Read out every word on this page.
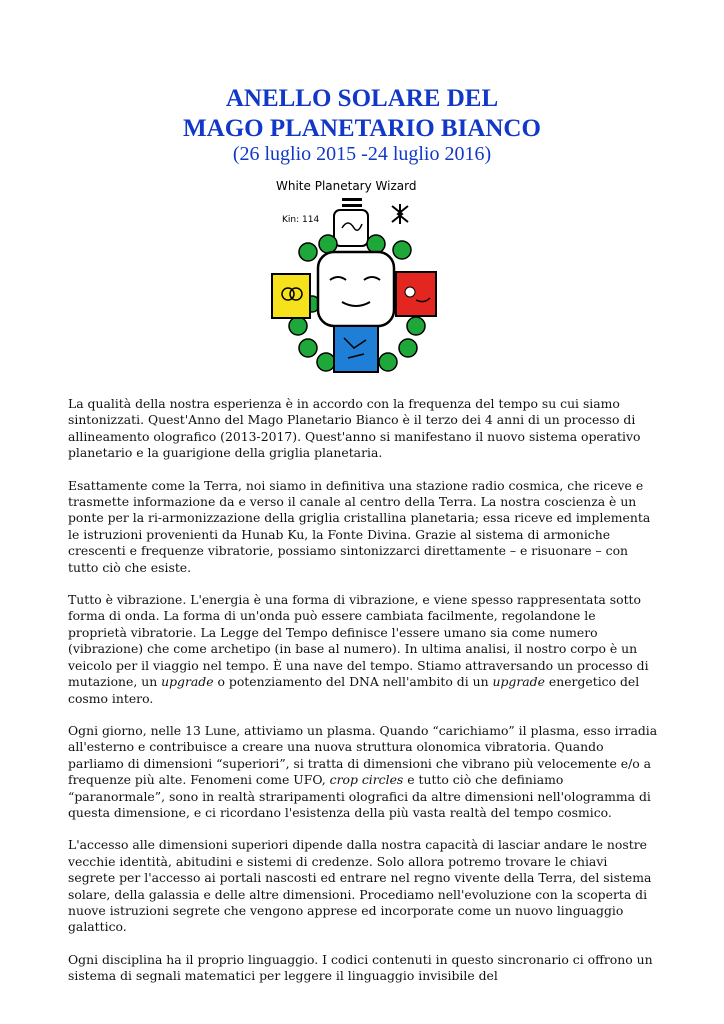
ANELLO SOLARE DEL
MAGO PLANETARIO BIANCO

(26 luglio 2015 -24 luglio 2016)

White Planetary Wizard
Kin: 114

La qualità della nostra esperienza è in accordo con la frequenza del tempo su cui siamo sintonizzati. Quest'Anno del Mago Planetario Bianco è il terzo dei 4 anni di un processo di allineamento olografico (2013-2017). Quest'anno si manifestano il nuovo sistema operativo planetario e la guarigione della griglia planetaria.

Esattamente come la Terra, noi siamo in definitiva una stazione radio cosmica, che riceve e trasmette informazione da e verso il canale al centro della Terra. La nostra coscienza è un ponte per la ri-armonizzazione della griglia cristallina planetaria; essa riceve ed implementa le istruzioni provenienti da Hunab Ku, la Fonte Divina. Grazie al sistema di armoniche crescenti e frequenze vibratorie, possiamo sintonizzarci direttamente – e risuonare – con tutto ciò che esiste.

Tutto è vibrazione. L'energia è una forma di vibrazione, e viene spesso rappresentata sotto forma di onda. La forma di un'onda può essere cambiata facilmente, regolandone le proprietà vibratorie. La Legge del Tempo definisce l'essere umano sia come numero (vibrazione) che come archetipo (in base al numero). In ultima analisi, il nostro corpo è un veicolo per il viaggio nel tempo. È una nave del tempo. Stiamo attraversando un processo di mutazione, un upgrade o potenziamento del DNA nell'ambito di un upgrade energetico del cosmo intero.

Ogni giorno, nelle 13 Lune, attiviamo un plasma. Quando “carichiamo” il plasma, esso irradia all'esterno e contribuisce a creare una nuova struttura olonomica vibratoria. Quando parliamo di dimensioni “superiori”, si tratta di dimensioni che vibrano più velocemente e/o a frequenze più alte. Fenomeni come UFO, crop circles e tutto ciò che definiamo “paranormale”, sono in realtà straripamenti olografici da altre dimensioni nell'ologramma di questa dimensione, e ci ricordano l'esistenza della più vasta realtà del tempo cosmico.

L'accesso alle dimensioni superiori dipende dalla nostra capacità di lasciar andare le nostre vecchie identità, abitudini e sistemi di credenze. Solo allora potremo trovare le chiavi segrete per l'accesso ai portali nascosti ed entrare nel regno vivente della Terra, del sistema solare, della galassia e delle altre dimensioni. Procediamo nell'evoluzione con la scoperta di nuove istruzioni segrete che vengono apprese ed incorporate come un nuovo linguaggio galattico.

Ogni disciplina ha il proprio linguaggio. I codici contenuti in questo sincronario ci offrono un sistema di segnali matematici per leggere il linguaggio invisibile del
